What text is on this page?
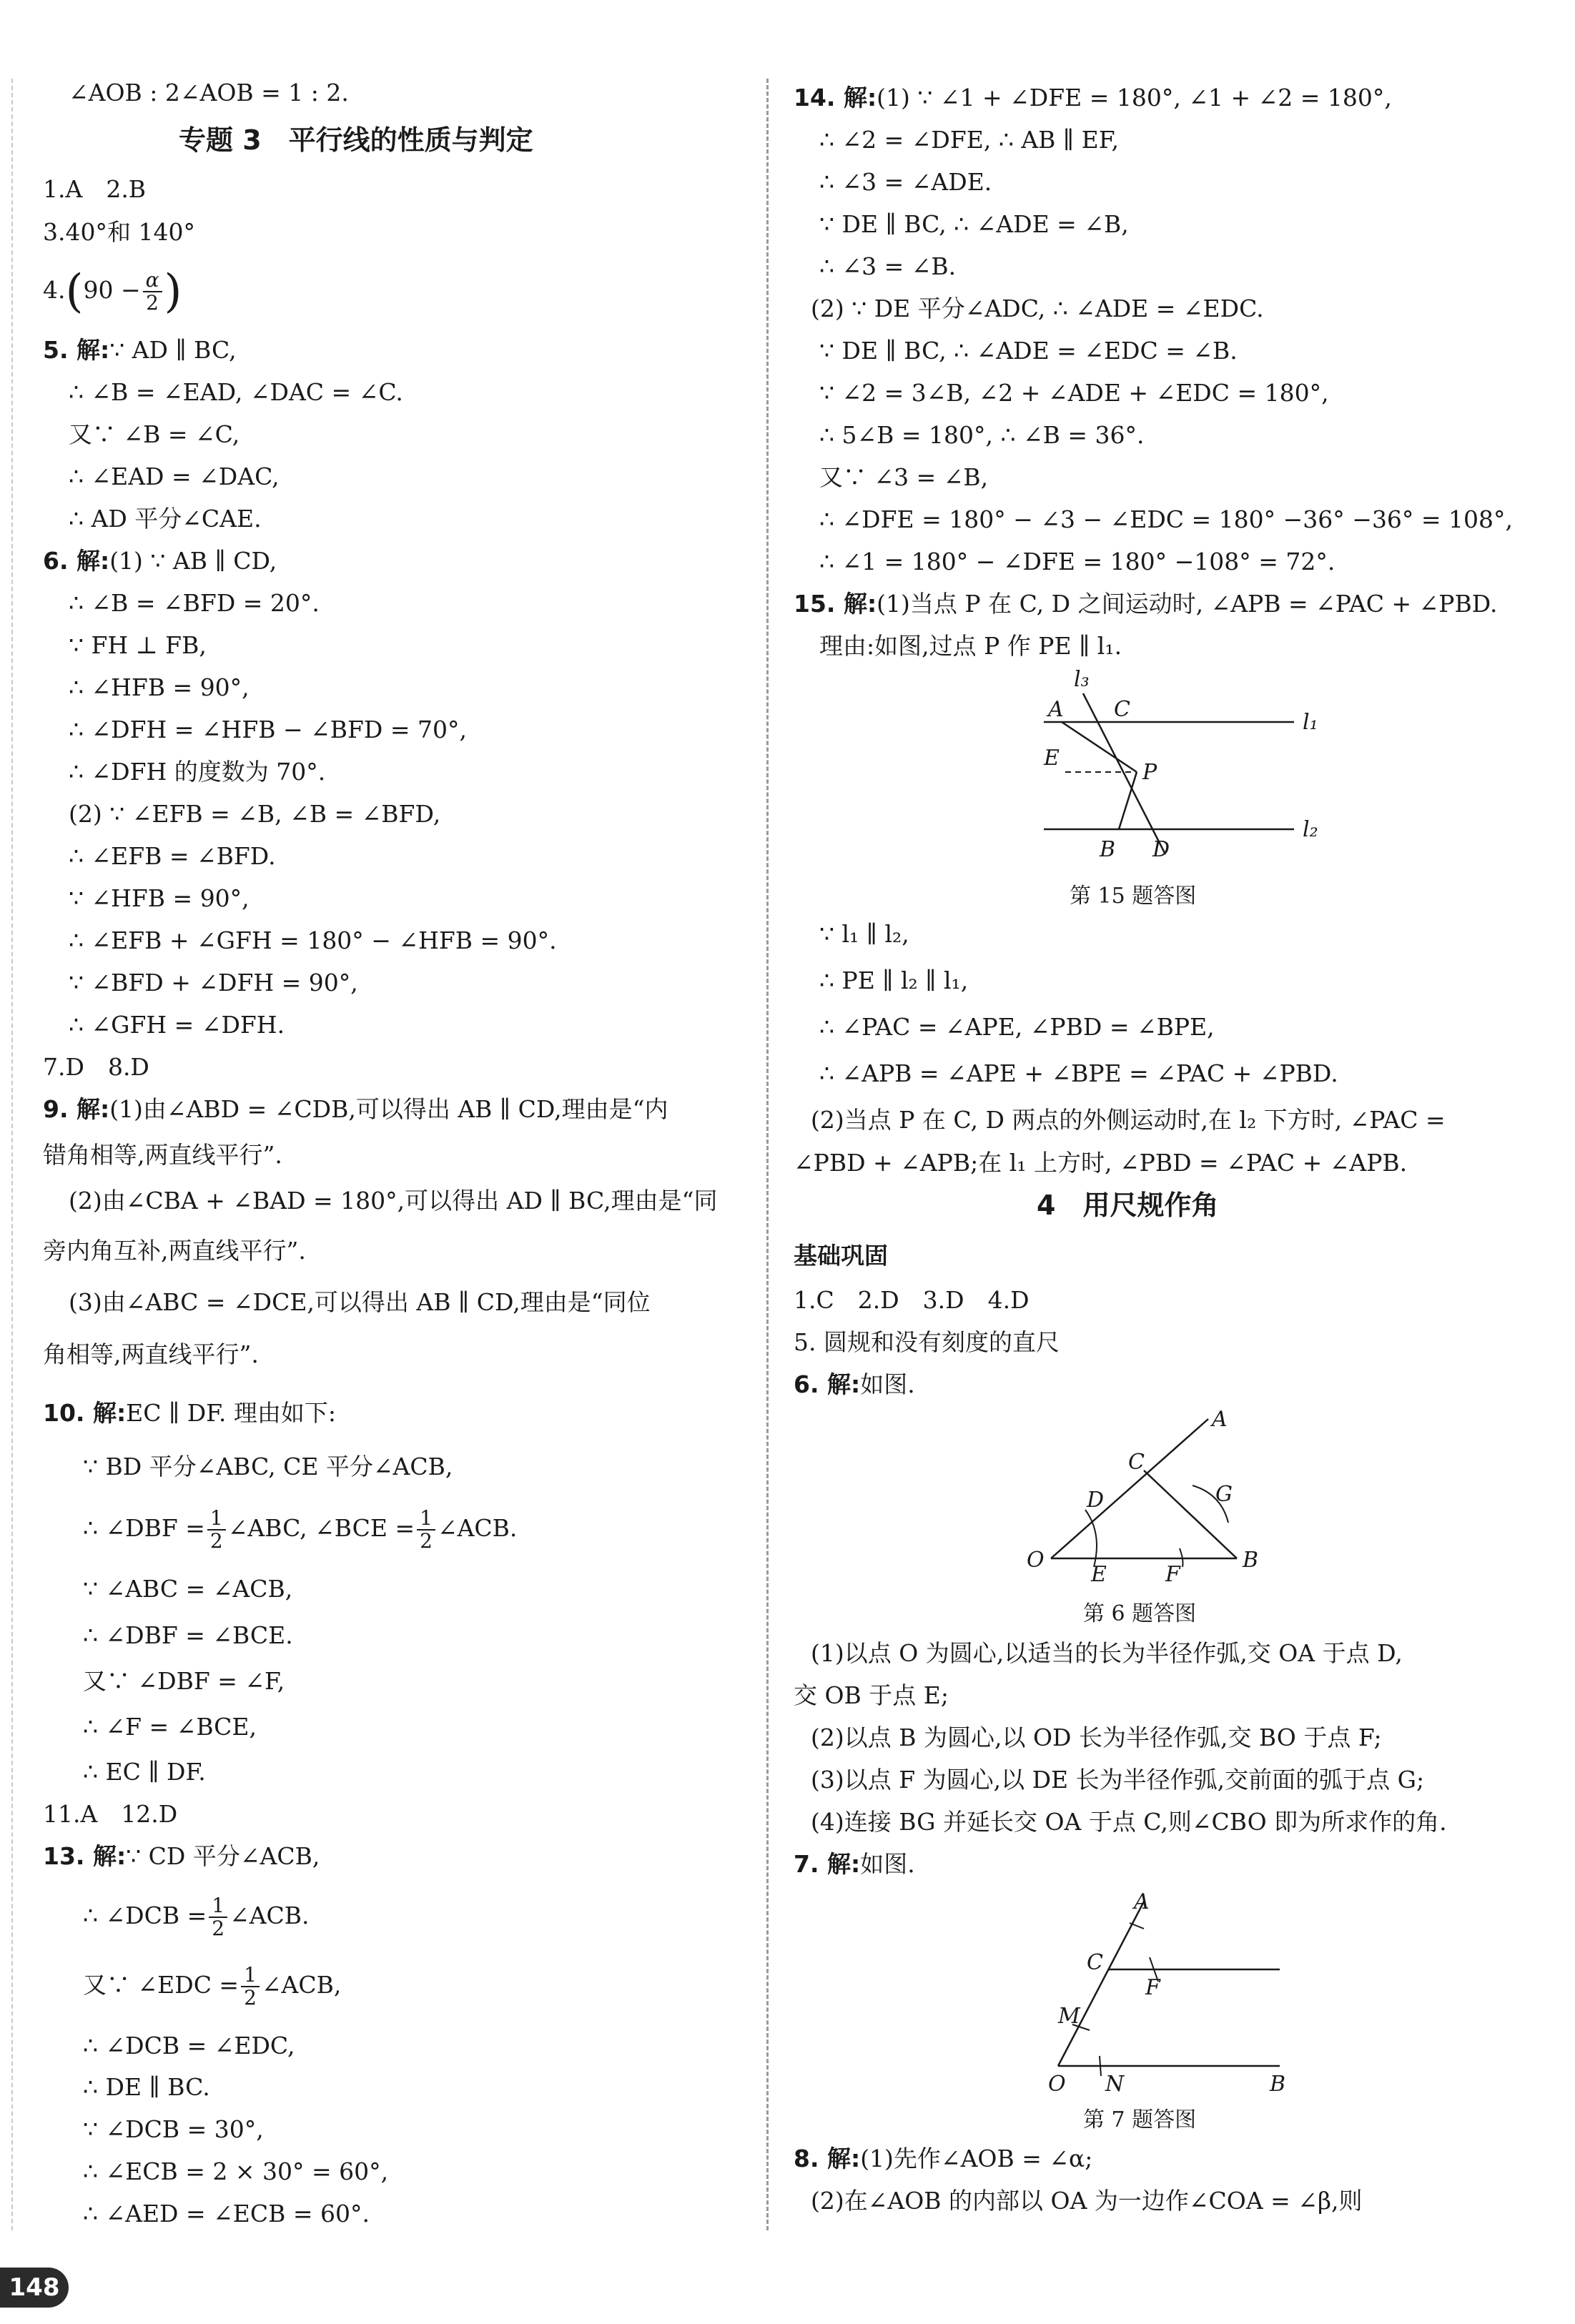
∠AOB : 2∠AOB = 1 : 2.
专题 3　平行线的性质与判定
1.A　2.B
3.40°和 140°
$4.(90 - \frac{\alpha}{2}$ )
5. 解:∵ AD ∥ BC,
∴ ∠B = ∠EAD, ∠DAC = ∠C.
又∵ ∠B = ∠C,
∴ ∠EAD = ∠DAC,
∴ AD 平分∠CAE.
6. 解:(1) ∵ AB ∥ CD,
∴ ∠B = ∠BFD = 20°.
∵ FH ⊥ FB,
∴ ∠HFB = 90°,
∴ ∠DFH = ∠HFB − ∠BFD = 70°,
∴ ∠DFH 的度数为 70°.
(2) ∵ ∠EFB = ∠B, ∠B = ∠BFD,
∴ ∠EFB = ∠BFD.
∵ ∠HFB = 90°,
∴ ∠EFB + ∠GFH = 180° − ∠HFB = 90°.
∵ ∠BFD + ∠DFH = 90°,
∴ ∠GFH = ∠DFH.
7.D　8.D
9. 解:(1)由∠ABD = ∠CDB,可以得出 AB ∥ CD,理由是“内
错角相等,两直线平行”.
(2)由∠CBA + ∠BAD = 180°,可以得出 AD ∥ BC,理由是“同
旁内角互补,两直线平行”.
(3)由∠ABC = ∠DCE,可以得出 AB ∥ CD,理由是“同位
角相等,两直线平行”.
10. 解:EC ∥ DF. 理由如下:
∵ BD 平分∠ABC, CE 平分∠ACB,
∴ ∠DBF = $\frac{1}{2}$ ∠ABC, ∠BCE = $\frac{1}{2}$ ∠ACB.
∵ ∠ABC = ∠ACB,
∴ ∠DBF = ∠BCE.
又∵ ∠DBF = ∠F,
∴ ∠F = ∠BCE,
∴ EC ∥ DF.
11.A　12.D
13. 解:∵ CD 平分∠ACB,
∴ ∠DCB = $\frac{1}{2}$ ∠ACB.
又∵ ∠EDC = $\frac{1}{2}$ ∠ACB,
∴ ∠DCB = ∠EDC,
∴ DE ∥ BC.
∵ ∠DCB = 30°,
∴ ∠ECB = 2 × 30° = 60°,
∴ ∠AED = ∠ECB = 60°.
14. 解:(1) ∵ ∠1 + ∠DFE = 180°, ∠1 + ∠2 = 180°,
∴ ∠2 = ∠DFE, ∴ AB ∥ EF,
∴ ∠3 = ∠ADE.
∵ DE ∥ BC, ∴ ∠ADE = ∠B,
∴ ∠3 = ∠B.
(2) ∵ DE 平分∠ADC, ∴ ∠ADE = ∠EDC.
∵ DE ∥ BC, ∴ ∠ADE = ∠EDC = ∠B.
∵ ∠2 = 3∠B, ∠2 + ∠ADE + ∠EDC = 180°,
∴ 5∠B = 180°, ∴ ∠B = 36°.
又∵ ∠3 = ∠B,
∴ ∠DFE = 180° − ∠3 − ∠EDC = 180° −36° −36° = 108°,
∴ ∠1 = 180° − ∠DFE = 180° −108° = 72°.
15. 解:(1)当点 P 在 C, D 之间运动时, ∠APB = ∠PAC + ∠PBD.
理由:如图,过点 P 作 PE ∥ l₁.
l₃
A C
l₁
E
P
B D
l₂
第 15 题答图
∵ l₁ ∥ l₂,
∴ PE ∥ l₂ ∥ l₁,
∴ ∠PAC = ∠APE, ∠PBD = ∠BPE,
∴ ∠APB = ∠APE + ∠BPE = ∠PAC + ∠PBD.
(2)当点 P 在 C, D 两点的外侧运动时,在 l₂ 下方时, ∠PAC =
∠PBD + ∠APB;在 l₁ 上方时, ∠PBD = ∠PAC + ∠APB.
4　用尺规作角
基础巩固
1.C　2.D　3.D　4.D
5. 圆规和没有刻度的直尺
6. 解:如图.
A
C
D	G
O
E	F
B
第 6 题答图
(1)以点 O 为圆心,以适当的长为半径作弧,交 OA 于点 D,
交 OB 于点 E;
(2)以点 B 为圆心,以 OD 长为半径作弧,交 BO 于点 F;
(3)以点 F 为圆心,以 DE 长为半径作弧,交前面的弧于点 G;
(4)连接 BG 并延长交 OA 于点 C,则∠CBO 即为所求作的角.
7. 解:如图.
A
C
F
M
O N	B
第 7 题答图
8. 解:(1)先作∠AOB = ∠α;
(2)在∠AOB 的内部以 OA 为一边作∠COA = ∠β,则
148
